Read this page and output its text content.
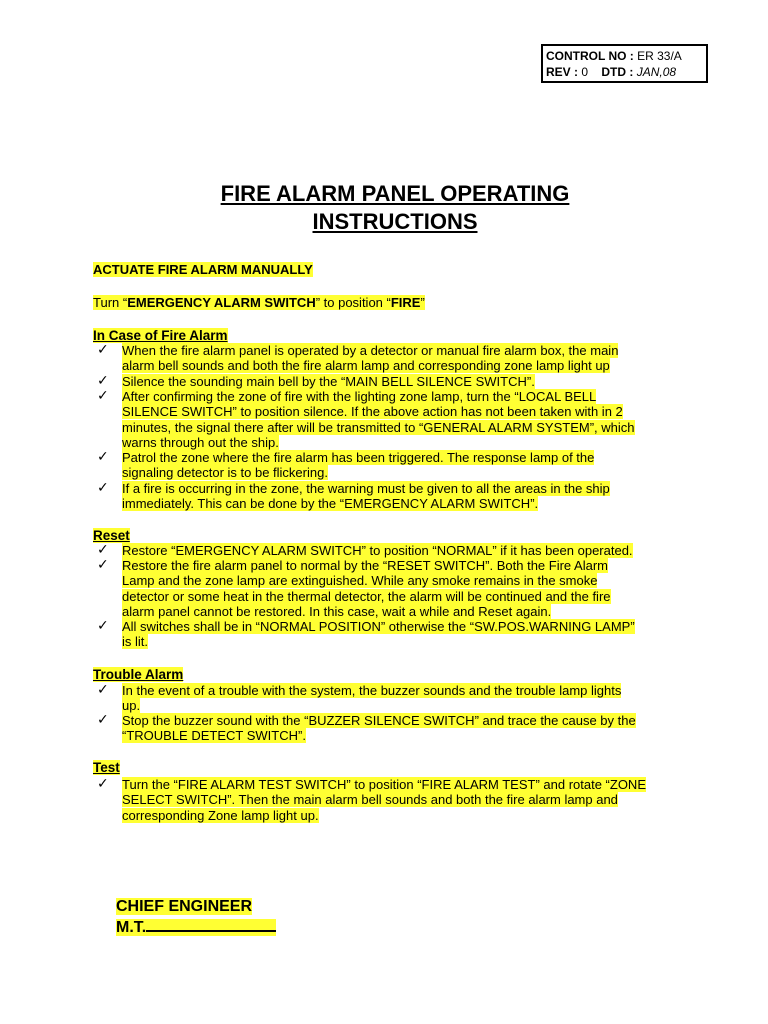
CONTROL NO : ER 33/A
REV : 0 DTD : JAN,08
FIRE ALARM PANEL OPERATING
INSTRUCTIONS
ACTUATE FIRE ALARM MANUALLY
Turn “EMERGENCY ALARM SWITCH” to position “FIRE”
In Case of Fire Alarm
✓ When the fire alarm panel is operated by a detector or manual fire alarm box, the main
alarm bell sounds and both the fire alarm lamp and corresponding zone lamp light up
✓ Silence the sounding main bell by the “MAIN BELL SILENCE SWITCH”.
✓ After confirming the zone of fire with the lighting zone lamp, turn the “LOCAL BELL
SILENCE SWITCH” to position silence. If the above action has not been taken with in 2
minutes, the signal there after will be transmitted to “GENERAL ALARM SYSTEM”, which
warns through out the ship.
✓ Patrol the zone where the fire alarm has been triggered. The response lamp of the
signaling detector is to be flickering.
✓ If a fire is occurring in the zone, the warning must be given to all the areas in the ship
immediately. This can be done by the “EMERGENCY ALARM SWITCH”.
Reset
✓ Restore “EMERGENCY ALARM SWITCH” to position “NORMAL” if it has been operated.
✓ Restore the fire alarm panel to normal by the “RESET SWITCH”. Both the Fire Alarm
Lamp and the zone lamp are extinguished. While any smoke remains in the smoke
detector or some heat in the thermal detector, the alarm will be continued and the fire
alarm panel cannot be restored. In this case, wait a while and Reset again.
✓ All switches shall be in “NORMAL POSITION” otherwise the “SW.POS.WARNING LAMP”
is lit.
Trouble Alarm
✓ In the event of a trouble with the system, the buzzer sounds and the trouble lamp lights
up.
✓ Stop the buzzer sound with the “BUZZER SILENCE SWITCH” and trace the cause by the
“TROUBLE DETECT SWITCH”.
Test
✓ Turn the “FIRE ALARM TEST SWITCH” to position “FIRE ALARM TEST” and rotate “ZONE
SELECT SWITCH”. Then the main alarm bell sounds and both the fire alarm lamp and
corresponding Zone lamp light up.
CHIEF ENGINEER
M.T.
